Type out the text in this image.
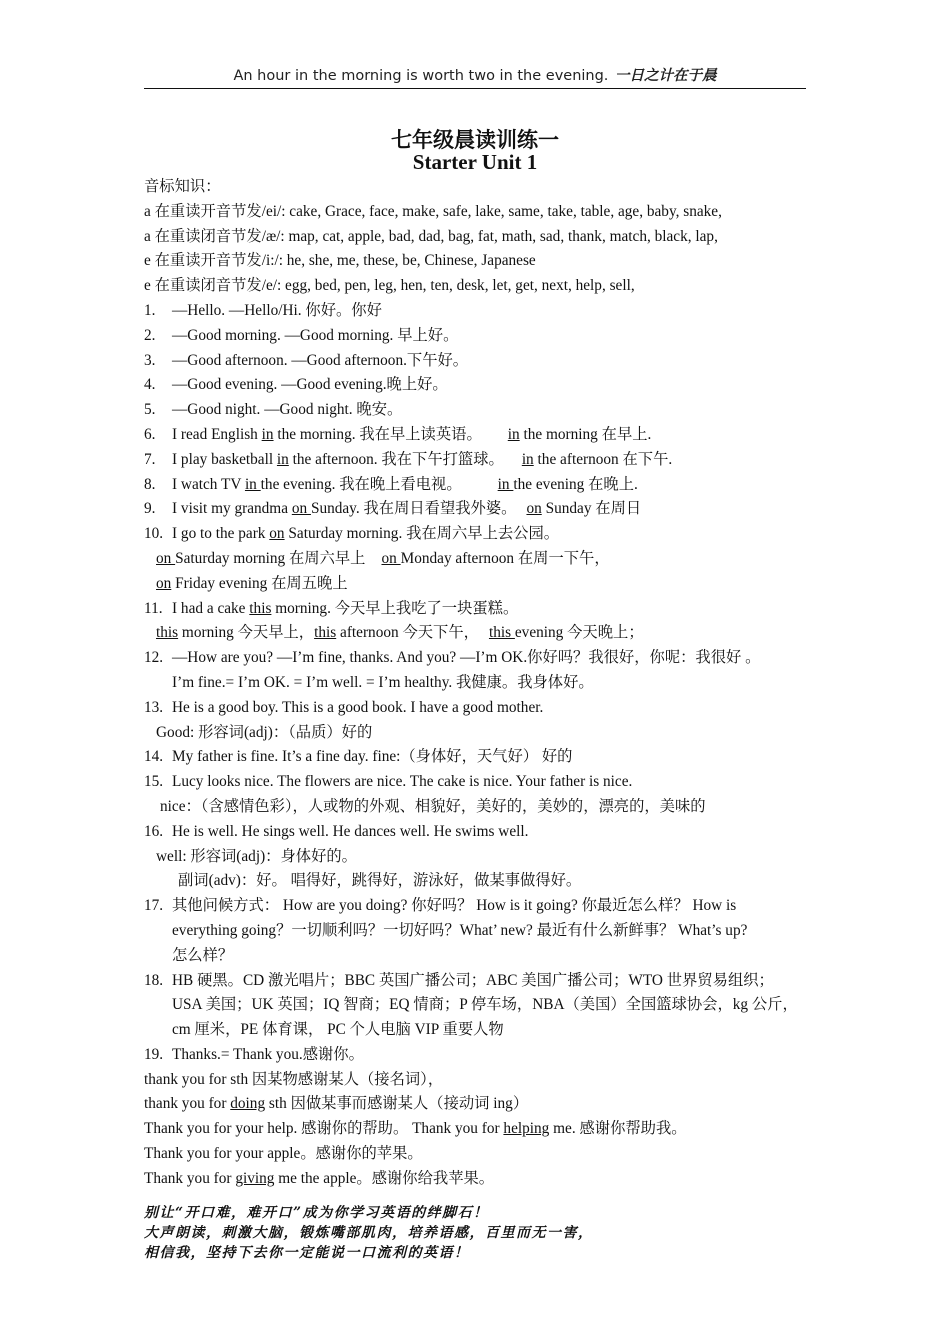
An hour in the morning is worth two in the evening. 一日之计在于晨
七年级晨读训练一
Starter Unit 1
音标知识：
a 在重读开音节发/ei/: cake, Grace, face, make, safe, lake, same, take, table, age, baby, snake,
a 在重读闭音节发/æ/: map, cat, apple, bad, dad, bag, fat, math, sad, thank, match, black, lap,
e 在重读开音节发/i:/: he, she, me, these, be, Chinese, Japanese
e 在重读闭音节发/e/: egg, bed, pen, leg, hen, ten, desk, let, get, next, help, sell,
1. —Hello. —Hello/Hi. 你好。你好
2. —Good morning. —Good morning. 早上好。
3. —Good afternoon. —Good afternoon.下午好。
4. —Good evening. —Good evening.晚上好。
5. —Good night. —Good night. 晚安。
6. I read English in the morning. 我在早上读英语。 in the morning 在早上.
7. I play basketball in the afternoon. 我在下午打篮球。 in the afternoon 在下午.
8. I watch TV in the evening. 我在晚上看电视。 in the evening 在晚上.
9. I visit my grandma on Sunday. 我在周日看望我外婆。 on Sunday 在周日
10. I go to the park on Saturday morning. 我在周六早上去公园。
on Saturday morning 在周六早上 on Monday afternoon 在周一下午，
on Friday evening 在周五晚上
11. I had a cake this morning. 今天早上我吃了一块蛋糕。
this morning 今天早上，this afternoon 今天下午， this evening 今天晚上；
12. —How are you? —I’m fine, thanks. And you? —I’m OK.你好吗？我很好，你呢：我很好 。
I’m fine.= I’m OK. = I’m well. = I’m healthy. 我健康。我身体好。
13. He is a good boy. This is a good book. I have a good mother.
Good: 形容词(adj)：（品质）好的
14. My father is fine. It’s a fine day. fine:（身体好，天气好） 好的
15. Lucy looks nice. The flowers are nice. The cake is nice. Your father is nice.
nice：（含感情色彩），人或物的外观、相貌好，美好的，美妙的，漂亮的，美味的
16. He is well. He sings well. He dances well. He swims well.
well: 形容词(adj)：身体好的。
副词(adv)：好。 唱得好，跳得好，游泳好，做某事做得好。
17. 其他问候方式： How are you doing? 你好吗？ How is it going? 你最近怎么样？ How is
everything going？一切顺利吗？一切好吗？What’ new? 最近有什么新鲜事？ What’s up?
怎么样？
18. HB 硬黑。CD 激光唱片；BBC 英国广播公司；ABC 美国广播公司；WTO 世界贸易组织；
USA 美国；UK 英国；IQ 智商；EQ 情商；P 停车场，NBA（美国）全国篮球协会，kg 公斤，
cm 厘米，PE 体育课， PC 个人电脑 VIP 重要人物
19. Thanks.= Thank you.感谢你。
thank you for sth 因某物感谢某人（接名词），
thank you for doing sth 因做某事而感谢某人（接动词 ing）
Thank you for your help. 感谢你的帮助。 Thank you for helping me. 感谢你帮助我。
Thank you for your apple。感谢你的苹果。
Thank you for giving me the apple。感谢你给我苹果。
别让“开口难，难开口”成为你学习英语的绊脚石！
大声朗读，刺激大脑，锻炼嘴部肌肉，培养语感，百里而无一害，
相信我，坚持下去你一定能说一口流利的英语！
